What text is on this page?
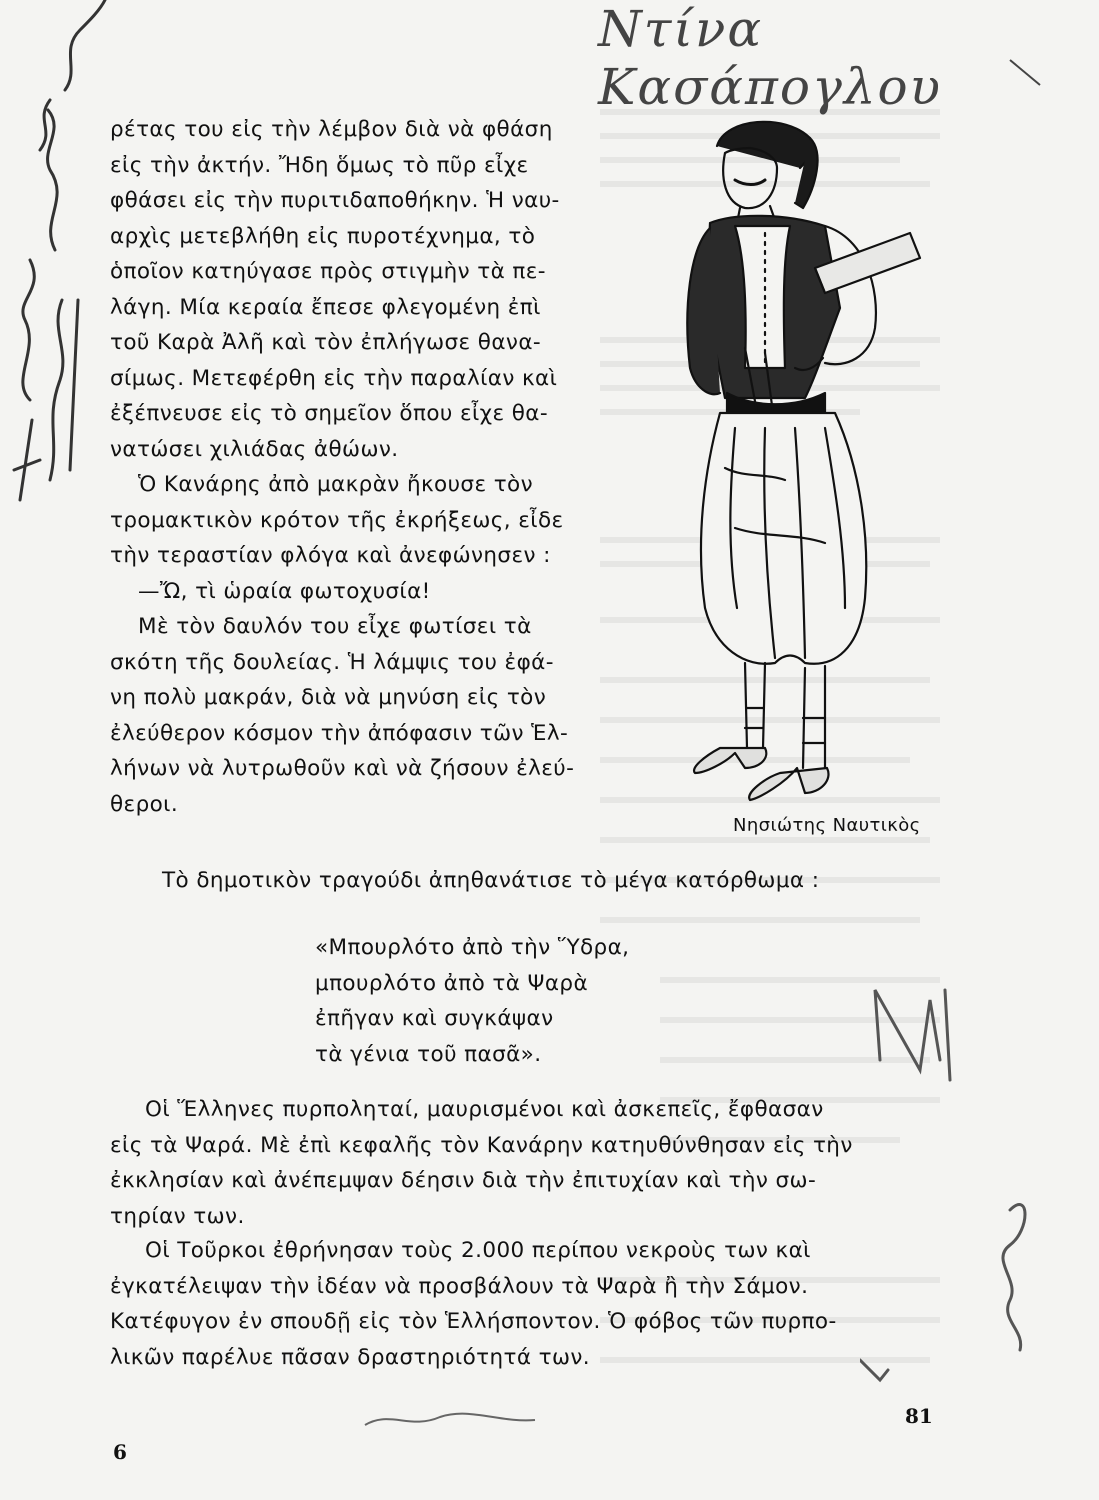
Ντίνα Κασάπογλου

ρέτας του εἰς τὴν λέμβον διὰ νὰ φθάση

εἰς τὴν ἀκτήν. Ἤδη ὅμως τὸ πῦρ εἶχε

φθάσει εἰς τὴν πυριτιδαποθήκην. Ἡ ναυ-

αρχὶς μετεβλήθη εἰς πυροτέχνημα, τὸ

ὁποῖον κατηύγασε πρὸς στιγμὴν τὰ πε-

λάγη. Μία κεραία ἔπεσε φλεγομένη ἐπὶ

τοῦ Καρὰ Ἀλῆ καὶ τὸν ἐπλήγωσε θανα-

σίμως. Μετεφέρθη εἰς τὴν παραλίαν καὶ

ἐξέπνευσε εἰς τὸ σημεῖον ὅπου εἶχε θα-

νατώσει χιλιάδας ἀθώων.

Ὁ Κανάρης ἀπὸ μακρὰν ἤκουσε τὸν

τρομακτικὸν κρότον τῆς ἐκρήξεως, εἶδε

τὴν τεραστίαν φλόγα καὶ ἀνεφώνησεν :

—Ὤ, τὶ ὡραία φωτοχυσία!

Μὲ τὸν δαυλόν του εἶχε φωτίσει τὰ

σκότη τῆς δουλείας. Ἡ λάμψις του ἐφά-

νη πολὺ μακράν, διὰ νὰ μηνύση εἰς τὸν

ἐλεύθερον κόσμον τὴν ἀπόφασιν τῶν Ἑλ-

λήνων νὰ λυτρωθοῦν καὶ νὰ ζήσουν ἐλεύ-

θεροι.

Νησιώτης Ναυτικὸς

Τὸ δημοτικὸν τραγούδι ἀπηθανάτισε τὸ μέγα κατόρθωμα :

«Μπουρλότο ἀπὸ τὴν Ὕδρα,

μπουρλότο ἀπὸ τὰ Ψαρὰ

ἐπῆγαν καὶ συγκάψαν

τὰ γένια τοῦ πασᾶ».

Οἱ Ἕλληνες πυρποληταί, μαυρισμένοι καὶ ἀσκεπεῖς, ἔφθασαν

εἰς τὰ Ψαρά. Μὲ ἐπὶ κεφαλῆς τὸν Κανάρην κατηυθύνθησαν εἰς τὴν

ἐκκλησίαν καὶ ἀνέπεμψαν δέησιν διὰ τὴν ἐπιτυχίαν καὶ τὴν σω-

τηρίαν των.

Οἱ Τοῦρκοι ἐθρήνησαν τοὺς 2.000 περίπου νεκροὺς των καὶ

ἐγκατέλειψαν τὴν ἰδέαν νὰ προσβάλουν τὰ Ψαρὰ ἢ τὴν Σάμον.

Κατέφυγον ἐν σπουδῇ εἰς τὸν Ἑλλήσποντον. Ὁ φόβος τῶν πυρπο-

λικῶν παρέλυε πᾶσαν δραστηριότητά των.

81
6
